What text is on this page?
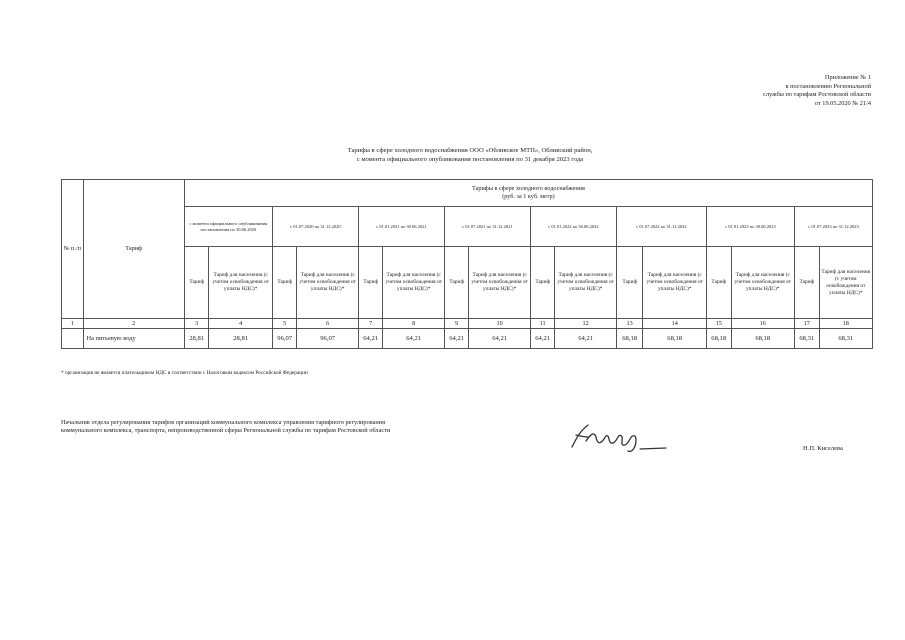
Приложение № 1
к постановлению Региональной
службы по тарифам Ростовской области
от 19.05.2020 № 21/4
Тарифы в сфере холодного водоснабжения ООО «Обливское МТП», Обливский район,
с момента официального опубликования постановления по 31 декабря 2023 года
№ п./п	Тариф	Тарифы в сфере холодного водоснабжения
(руб. за 1 куб. метр)															

		с момента официального опубликования постановления по 30.06.2020		с 01.07.2020 по 31.12.2020		с 01.01.2021 по 30.06.2021		с 01.07.2021 по 31.12.2021		с 01.01.2022 по 30.06.2022		с 01.07.2022 по 31.12.2022		с 01.01.2023 по 30.06.2023		с 01.07.2023 по 31.12.2023	
		Тариф	Тариф для населения (с учетом освобождения от уплаты НДС)*	Тариф	Тариф для населения (с учетом освобождения от уплаты НДС)*	Тариф	Тариф для населения (с учетом освобождения от уплаты НДС)*	Тариф	Тариф для населения (с учетом освобождения от уплаты НДС)*	Тариф	Тариф для населения (с учетом освобождения от уплаты НДС)*	Тариф	Тариф для населения (с учетом освобождения от уплаты НДС)*	Тариф	Тариф для населения (с учетом освобождения от уплаты НДС)*	Тариф	Тариф для населения (с учетом освобождения от уплаты НДС)*
1	2	3	4	5	6	7	8	9	10	11	12	13	14	15	16	17	18
	На питьевую воду	28,81	28,81	96,07	96,07	64,21	64,21	64,21	64,21	64,21	64,21	68,18	68,18	68,18	68,18	68,31	68,31
* организация не является плательщиком НДС в соответствии с Налоговым кодексом Российской Федерации
Начальник отдела регулирования тарифов организаций коммунального комплекса управления тарифного регулирования коммунального комплекса, транспорта, непроизводственной сферы Региональной службы по тарифам Ростовской области
Н.П. Киселева
